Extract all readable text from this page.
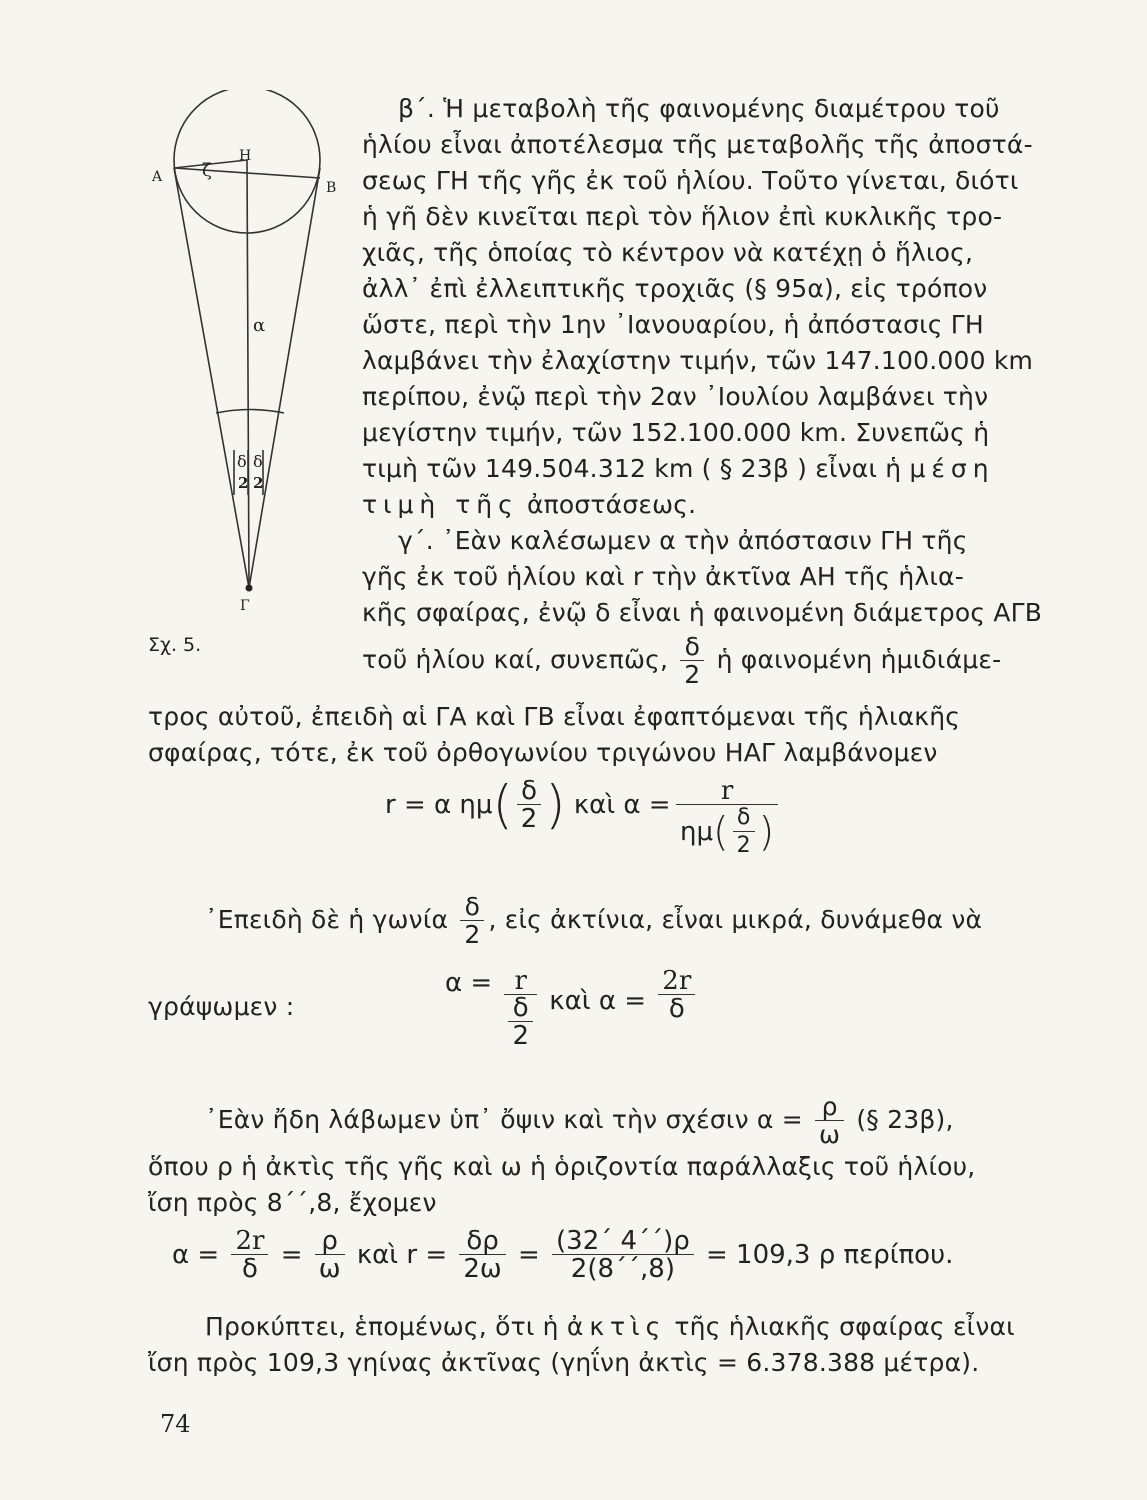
Α
Β
Η
ζ
α
Γ
δ
2
δ
2
Σχ. 5.
β΄. Ἡ μεταβολὴ τῆς φαινομένης διαμέτρου τοῦ
ἡλίου εἶναι ἀποτέλεσμα τῆς μεταβολῆς τῆς ἀποστά-
σεως ΓΗ τῆς γῆς ἐκ τοῦ ἡλίου. Τοῦτο γίνεται, διότι
ἡ γῆ δὲν κινεῖται περὶ τὸν ἥλιον ἐπὶ κυκλικῆς τρο-
χιᾶς, τῆς ὁποίας τὸ κέντρον νὰ κατέχῃ ὁ ἥλιος,
ἀλλ᾽ ἐπὶ ἐλλειπτικῆς τροχιᾶς (§ 95α), εἰς τρόπον
ὥστε, περὶ τὴν 1ην ᾽Ιανουαρίου, ἡ ἀπόστασις ΓΗ
λαμβάνει τὴν ἐλαχίστην τιμήν, τῶν 147.100.000 km
περίπου, ἐνῷ περὶ τὴν 2αν ᾽Ιουλίου λαμβάνει τὴν
μεγίστην τιμήν, τῶν 152.100.000 km. Συνεπῶς ἡ
τιμὴ τῶν 149.504.312 km ( § 23β ) εἶναι ἡ μέση
τιμὴ τῆς ἀποστάσεως.
γ΄. ᾽Εὰν καλέσωμεν α τὴν ἀπόστασιν ΓΗ τῆς
γῆς ἐκ τοῦ ἡλίου καὶ r τὴν ἀκτῖνα ΑΗ τῆς ἡλια-
κῆς σφαίρας, ἐνῷ δ εἶναι ἡ φαινομένη διάμετρος ΑΓΒ
τοῦ ἡλίου καί, συνεπῶς, $\frac{\delta}{2}$ ἡ φαινομένη ἡμιδιάμε-
τρος αὐτοῦ, ἐπειδὴ αἱ ΓΑ καὶ ΓΒ εἶναι ἐφαπτόμεναι τῆς ἡλιακῆς
σφαίρας, τότε, ἐκ τοῦ ὀρθογωνίου τριγώνου ΗΑΓ λαμβάνομεν
r = α $\eta\mu( \frac{\delta}{2}$ ) καὶ $\alpha = \frac{r}{\eta\mu( \frac{\delta}{2} )}$
᾽Επειδὴ δὲ ἡ γωνία $\frac{\delta}{2}$ , εἰς ἀκτίνια, εἶναι μικρά, δυνάμεθα νὰ
γράψωμεν :
$\alpha = \frac{r}{\frac{\delta}{2}}$ καὶ $\alpha = \frac{2r}{\delta}$
᾽Εὰν ἤδη λάβωμεν ὑπ᾽ ὄψιν καὶ τὴν σχέσιν $\alpha = \frac{\rho}{\omega}$ (§ 23β),
ὅπου ρ ἡ ἀκτὶς τῆς γῆς καὶ ω ἡ ὁριζοντία παράλλαξις τοῦ ἡλίου,
ἴση πρὸς 8΄΄,8, ἔχομεν
$\alpha = \frac{2r}{\delta} = \frac{\rho}{\omega}$ καὶ $r = \frac{\delta\rho}{2\omega} = \frac{(32΄ 4΄΄)\rho}{2(8΄΄,8)} = 109,3$ ρ περίπου.
Προκύπτει, ἑπομένως, ὅτι ἡ ἀκτὶς τῆς ἡλιακῆς σφαίρας εἶναι
ἴση πρὸς 109,3 γηίνας ἀκτῖνας (γηΐνη ἀκτὶς = 6.378.388 μέτρα).
74
